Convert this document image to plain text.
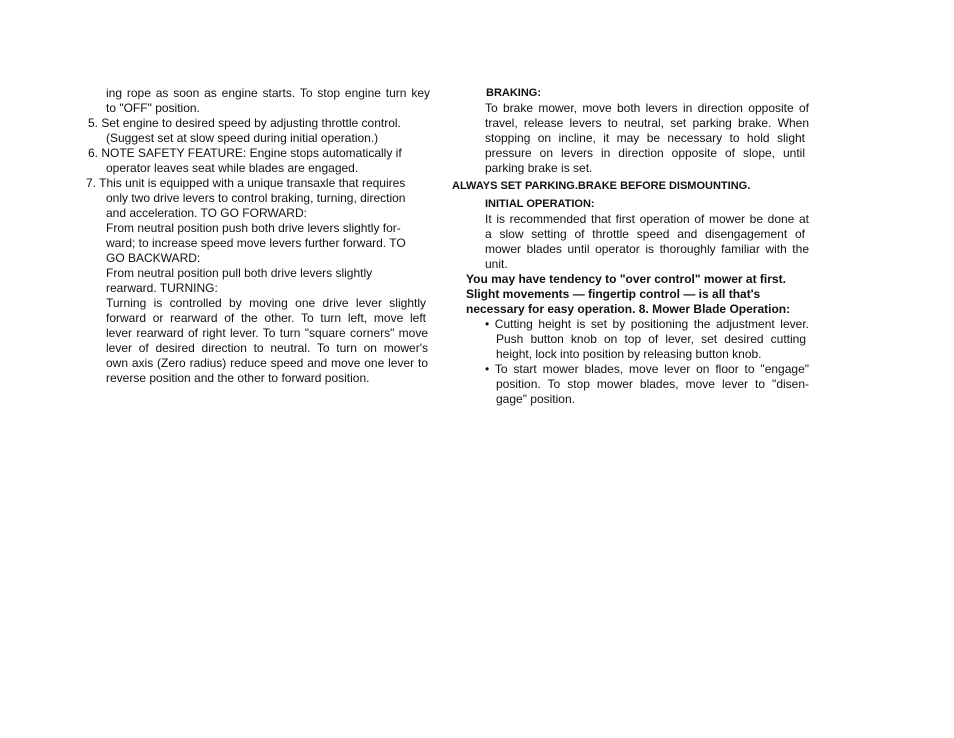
ing rope as soon as engine starts. To stop engine turn key
to "OFF" position.
5. Set engine to desired speed by adjusting throttle control.
(Suggest set at slow speed during initial operation.)
6. NOTE SAFETY FEATURE: Engine stops automatically if
operator leaves seat while blades are engaged.
7. This unit is equipped with a unique transaxle that requires
only two drive levers to control braking, turning, direction
and acceleration. TO GO FORWARD:
From neutral position push both drive levers slightly for-
ward; to increase speed move levers further forward. TO
GO BACKWARD:
From neutral position pull both drive levers slightly
rearward. TURNING:
Turning is controlled by moving one drive lever slightly
forward or rearward of the other. To turn left, move left
lever rearward of right lever. To turn "square corners" move
lever of desired direction to neutral. To turn on mower's
own axis (Zero radius) reduce speed and move one lever to
reverse position and the other to forward position.
BRAKING:
To brake mower, move both levers in direction opposite of
travel, release levers to neutral, set parking brake. When
stopping on incline, it may be necessary to hold slight
pressure on levers in direction opposite of slope, until
parking brake is set.
ALWAYS SET PARKING.BRAKE BEFORE DISMOUNTING.
INITIAL OPERATION:
It is recommended that first operation of mower be done at
a slow setting of throttle speed and disengagement of
mower blades until operator is thoroughly familiar with the
unit.
You may have tendency to "over control" mower at first.
Slight movements — fingertip control — is all that's
necessary for easy operation. 8. Mower Blade Operation:
• Cutting height is set by positioning the adjustment lever.
Push button knob on top of lever, set desired cutting
height, lock into position by releasing button knob.
• To start mower blades, move lever on floor to "engage"
position. To stop mower blades, move lever to "disen-
gage" position.
